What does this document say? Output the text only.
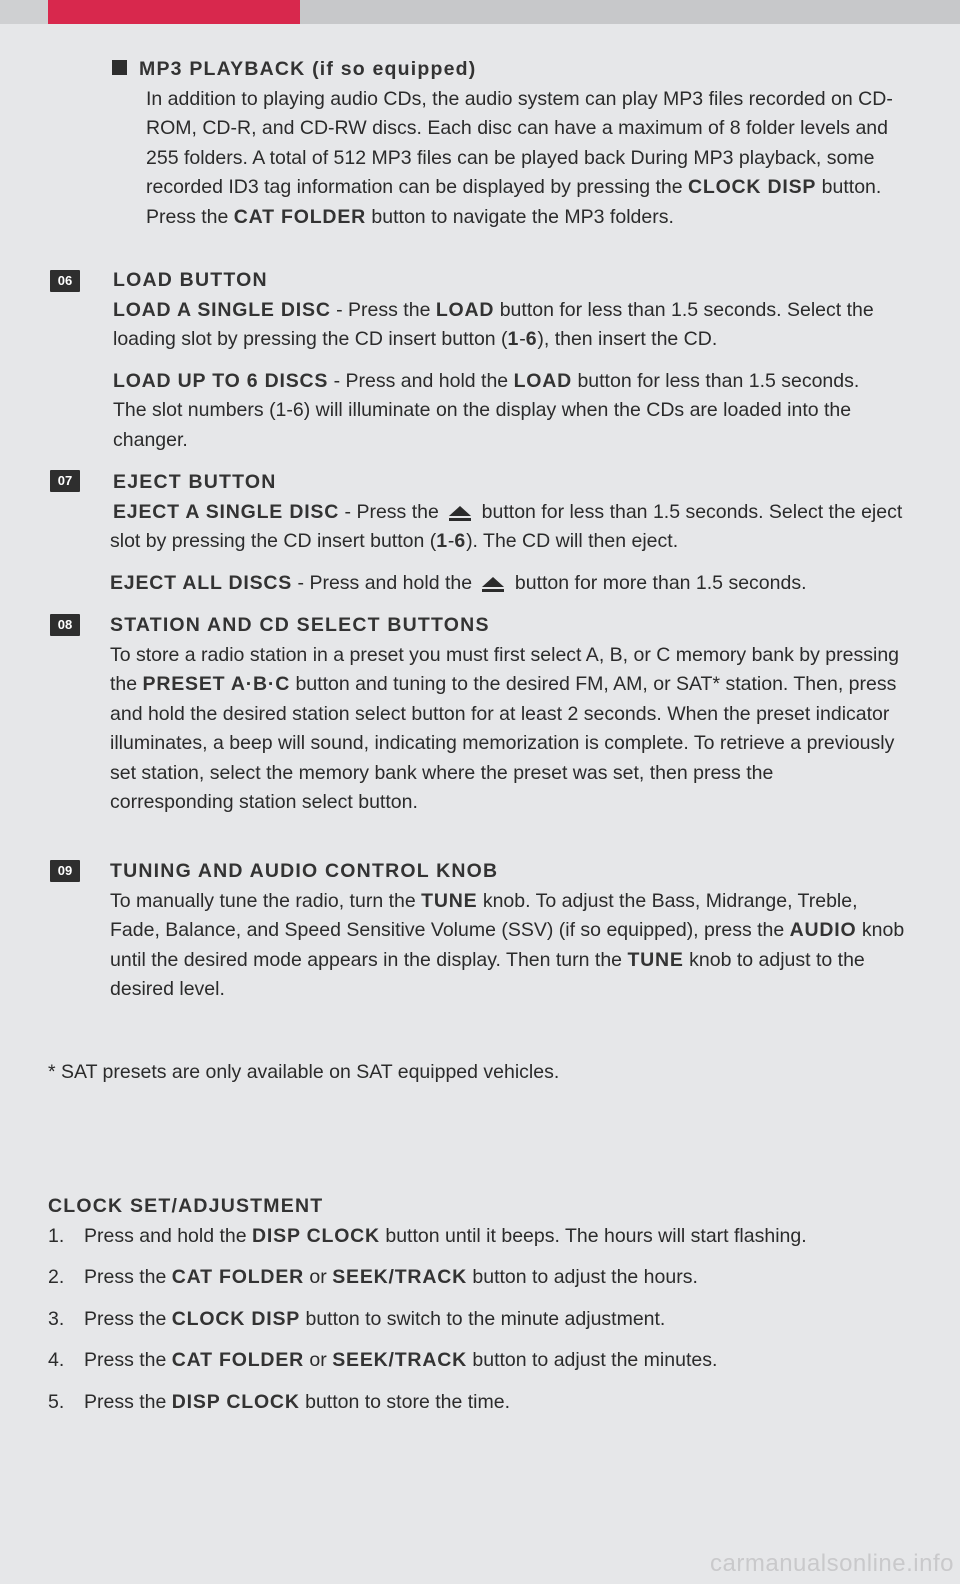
MP3 PLAYBACK (if so equipped)

In addition to playing audio CDs, the audio system can play MP3 files recorded on CD-ROM, CD-R, and CD-RW discs. Each disc can have a maximum of 8 folder levels and 255 folders. A total of 512 MP3 files can be played back During MP3 playback, some recorded ID3 tag information can be displayed by pressing the CLOCK DISP button. Press the CAT FOLDER button to navigate the MP3 folders.

06	LOAD BUTTON

LOAD A SINGLE DISC - Press the LOAD button for less than 1.5 seconds. Select the loading slot by pressing the CD insert button (1-6), then insert the CD.

LOAD UP TO 6 DISCS - Press and hold the LOAD button for less than 1.5 seconds. The slot numbers (1-6) will illuminate on the display when the CDs are loaded into the changer.

07	EJECT BUTTON

EJECT A SINGLE DISC - Press the  button for less than 1.5 seconds. Select the eject slot by pressing the CD insert button (1-6). The CD will then eject.

EJECT ALL DISCS - Press and hold the  button for more than 1.5 seconds.

08	STATION AND CD SELECT BUTTONS

To store a radio station in a preset you must first select A, B, or C memory bank by pressing the PRESET A·B·C button and tuning to the desired FM, AM, or SAT* station. Then, press and hold the desired station select button for at least 2 seconds. When the preset indicator illuminates, a beep will sound, indicating memorization is complete. To retrieve a previously set station, select the memory bank where the preset was set, then press the corresponding station select button.

09	TUNING AND AUDIO CONTROL KNOB

To manually tune the radio, turn the TUNE knob. To adjust the Bass, Midrange, Treble, Fade, Balance, and Speed Sensitive Volume (SSV) (if so equipped), press the AUDIO knob until the desired mode appears in the display. Then turn the TUNE knob to adjust to the desired level.

* SAT presets are only available on SAT equipped vehicles.

CLOCK SET/ADJUSTMENT

1.	Press and hold the DISP CLOCK button until it beeps. The hours will start flashing.
2.	Press the CAT FOLDER or SEEK/TRACK button to adjust the hours.
3.	Press the CLOCK DISP button to switch to the minute adjustment.
4.	Press the CAT FOLDER or SEEK/TRACK button to adjust the minutes.
5.	Press the DISP CLOCK button to store the time.
carmanualsonline.info
